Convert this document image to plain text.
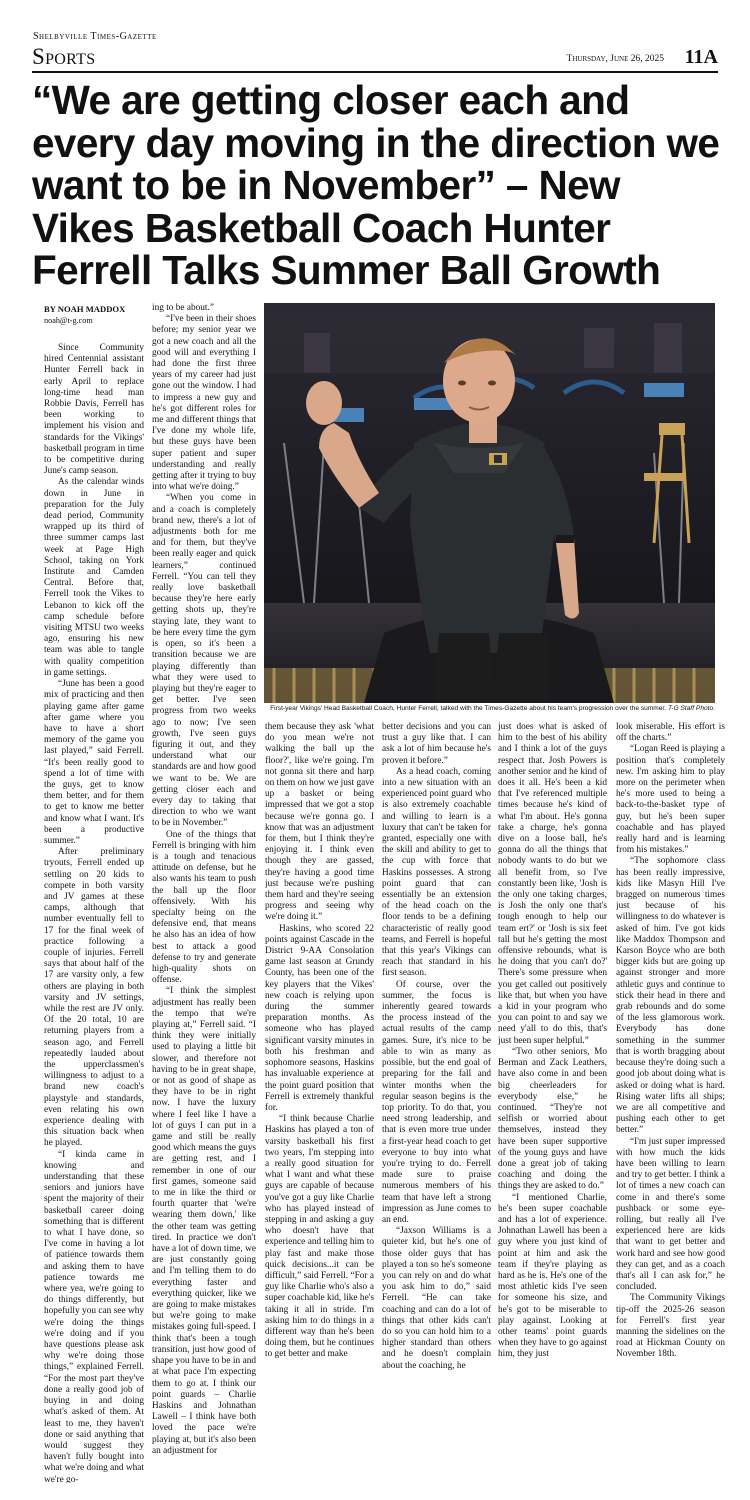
Shelbyville Times-Gazette
Sports	Thursday, June 26, 2025 11A
“We are getting closer each and every day moving in the direction we want to be in November” – New Vikes Basketball Coach Hunter Ferrell Talks Summer Ball Growth
BY NOAH MADDOX
noah@t-g.com

Since Community hired Centennial assistant Hunter Ferrell back in early April to replace long-time head man Robbie Davis, Ferrell has been working to implement his vision and standards for the Vikings' basketball program in time to be competitive during June's camp season.

As the calendar winds down in June in preparation for the July dead period, Community wrapped up its third of three summer camps last week at Page High School, taking on York Institute and Camden Central. Before that, Ferrell took the Vikes to Lebanon to kick off the camp schedule before visiting MTSU two weeks ago, ensuring his new team was able to tangle with quality competition in game settings.

“June has been a good mix of practicing and then playing game after game after game where you have to have a short memory of the game you last played,” said Ferrell. “It's been really good to spend a lot of time with the guys, get to know them better, and for them to get to know me better and know what I want. It's been a productive summer.”

After preliminary tryouts, Ferrell ended up settling on 20 kids to compete in both varsity and JV games at these camps, although that number eventually fell to 17 for the final week of practice following a couple of injuries. Ferrell says that about half of the 17 are varsity only, a few others are playing in both varsity and JV settings, while the rest are JV only. Of the 20 total, 10 are returning players from a season ago, and Ferrell repeatedly lauded about the upperclassmen's willingness to adjust to a brand new coach's playstyle and standards, even relating his own experience dealing with this situation back when he played.

“I kinda came in knowing and understanding that these seniors and juniors have spent the majority of their basketball career doing something that is different to what I have done, so I've come in having a lot of patience towards them and asking them to have patience towards me where yea, we're going to do things differently, but hopefully you can see why we're doing the things we're doing and if you have questions please ask why we're doing those things,” explained Ferrell. “For the most part they've done a really good job of buying in and doing what's asked of them. At least to me, they haven't done or said anything that would suggest they haven't fully bought into what we're doing and what we're go-

ing to be about.”

“I've been in their shoes before; my senior year we got a new coach and all the good will and everything I had done the first three years of my career had just gone out the window. I had to impress a new guy and he's got different roles for me and different things that I've done my whole life, but these guys have been super patient and super understanding and really getting after it trying to buy into what we're doing.”

“When you come in and a coach is completely brand new, there's a lot of adjustments both for me and for them, but they've been really eager and quick learners,” continued Ferrell. “You can tell they really love basketball because they're here early getting shots up, they're staying late, they want to be here every time the gym is open, so it's been a transition because we are playing differently than what they were used to playing but they're eager to get better. I've seen progress from two weeks ago to now; I've seen growth, I've seen guys figuring it out, and they understand what our standards are and how good we want to be. We are getting closer each and every day to taking that direction to who we want to be in November.”

One of the things that Ferrell is bringing with him is a tough and tenacious attitude on defense, but he also wants his team to push the ball up the floor offensively. With his specialty being on the defensive end, that means he also has an idea of how best to attack a good defense to try and generate high-quality shots on offense.

“I think the simplest adjustment has really been the tempo that we're playing at,” Ferrell said. “I think they were initially used to playing a little bit slower, and therefore not having to be in great shape, or not as good of shape as they have to be in right now. I have the luxury where I feel like I have a lot of guys I can put in a game and still be really good which means the guys are getting rest, and I remember in one of our first games, someone said to me in like the third or fourth quarter that 'we're wearing them down,' like the other team was getting tired. In practice we don't have a lot of down time, we are just constantly going and I'm telling them to do everything faster and everything quicker, like we are going to make mistakes but we're going to make mistakes going full-speed. I think that's been a tough transition, just how good of shape you have to be in and at what pace I'm expecting them to go at. I think our point guards – Charlie Haskins and Johnathan Lawell – I think have both loved the pace we're playing at, but it's also been an adjustment for

them because they ask 'what do you mean we're not walking the ball up the floor?', like we're going. I'm not gonna sit there and harp on them on how we just gave up a basket or being impressed that we got a stop because we're gonna go. I know that was an adjustment for them, but I think they're enjoying it. I think even though they are gassed, they're having a good time just because we're pushing them hard and they're seeing progress and seeing why we're doing it.”

Haskins, who scored 22 points against Cascade in the District 9-AA Consolation game last season at Grundy County, has been one of the key players that the Vikes' new coach is relying upon during the summer preparation months. As someone who has played significant varsity minutes in both his freshman and sophomore seasons, Haskins has invaluable experience at the point guard position that Ferrell is extremely thankful for.

“I think because Charlie Haskins has played a ton of varsity basketball his first two years, I'm stepping into a really good situation for what I want and what these guys are capable of because you've got a guy like Charlie who has played instead of stepping in and asking a guy who doesn't have that experience and telling him to play fast and make those quick decisions...it can be difficult,” said Ferrell. “For a guy like Charlie who's also a super coachable kid, like he's taking it all in stride. I'm asking him to do things in a different way than he's been doing them, but he continues to get better and make

better decisions and you can trust a guy like that. I can ask a lot of him because he's proven it before.”

As a head coach, coming into a new situation with an experienced point guard who is also extremely coachable and willing to learn is a luxury that can't be taken for granted, especially one with the skill and ability to get to the cup with force that Haskins possesses. A strong point guard that can essentially be an extension of the head coach on the floor tends to be a defining characteristic of really good teams, and Ferrell is hopeful that this year's Vikings can reach that standard in his first season.

Of course, over the summer, the focus is inherently geared towards the process instead of the actual results of the camp games. Sure, it's nice to be able to win as many as possible, but the end goal of preparing for the fall and winter months when the regular season begins is the top priority. To do that, you need strong leadership, and that is even more true under a first-year head coach to get everyone to buy into what you're trying to do. Ferrell made sure to praise numerous members of his team that have left a strong impression as June comes to an end.

“Jaxson Williams is a quieter kid, but he's one of those older guys that has played a ton so he's someone you can rely on and do what you ask him to do,” said Ferrell. “He can take coaching and can do a lot of things that other kids can't do so you can hold him to a higher standard than others and he doesn't complain about the coaching, he

just does what is asked of him to the best of his ability and I think a lot of the guys respect that. Josh Powers is another senior and he kind of does it all. He's been a kid that I've referenced multiple times because he's kind of what I'm about. He's gonna take a charge, he's gonna dive on a loose ball, he's gonna do all the things that nobody wants to do but we all benefit from, so I've constantly been like, 'Josh is the only one taking charges, is Josh the only one that's tough enough to help our team ert?' or 'Josh is six feet tall but he's getting the most offensive rebounds, what is he doing that you can't do?' There's some pressure when you get called out positively like that, but when you have a kid in your program who you can point to and say we need y'all to do this, that's just been super helpful.”

“Two other seniors, Mo Berman and Zack Leathers, have also come in and been big cheerleaders for everybody else,” he continued. “They're not selfish or worried about themselves, instead they have been super supportive of the young guys and have done a great job of taking coaching and doing the things they are asked to do.”

“I mentioned Charlie, he's been super coachable and has a lot of experience. Johnathan Lawell has been a guy where you just kind of point at him and ask the team if they're playing as hard as he is. He's one of the most athletic kids I've seen for someone his size, and he's got to be miserable to play against. Looking at other teams' point guards when they have to go against him, they just

look miserable. His effort is off the charts.”

“Logan Reed is playing a position that's completely new. I'm asking him to play more on the perimeter when he's more used to being a back-to-the-basket type of guy, but he's been super coachable and has played really hard and is learning from his mistakes.”

“The sophomore class has been really impressive, kids like Masyn Hill I've bragged on numerous times just because of his willingness to do whatever is asked of him. I've got kids like Maddox Thompson and Karson Boyce who are both bigger kids but are going up against stronger and more athletic guys and continue to stick their head in there and grab rebounds and do some of the less glamorous work. Everybody has done something in the summer that is worth bragging about because they're doing such a good job about doing what is asked or doing what is hard. Rising water lifts all ships; we are all competitive and pushing each other to get better.”

“I'm just super impressed with how much the kids have been willing to learn and try to get better. I think a lot of times a new coach can come in and there's some pushback or some eye-rolling, but really all I've experienced here are kids that want to get better and work hard and see how good they can get, and as a coach that's all I can ask for,” he concluded.

The Community Vikings tip-off the 2025-26 season for Ferrell's first year manning the sidelines on the road at Hickman County on November 18th.

First-year Vikings' Head Basketball Coach, Hunter Ferrell, talked with the Times-Gazette about his team's progression over the summer. T-G Staff Photo.
